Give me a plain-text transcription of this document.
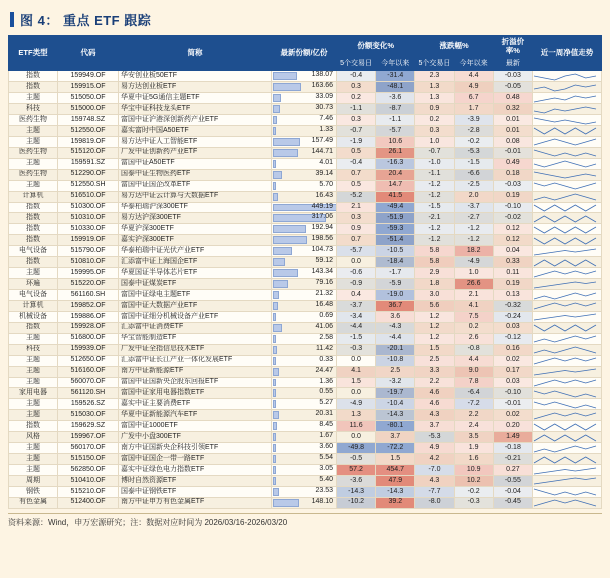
图 4： 重点 ETF 跟踪
ETF类型	代码	简称	最新份额/亿份	份额变化%		涨跌幅%		折溢价率%	近一周净值走势
				5个交易日	今年以来	5个交易日	今年以来	最新	
指数	159949.OF	华安创业板50ETF	138.07	-0.4	-31.4	2.3	4.4	-0.03	

指数	159915.OF	易方达创业板ETF	163.66	0.3	-48.1	1.3	4.9	-0.05	

主题	515050.OF	华夏中证5G通信主题ETF	33.09	0.2	-3.6	1.3	6.7	0.48	

科技	515000.OF	华宝中证科技龙头ETF	30.73	-1.1	-8.7	0.9	1.7	0.32	

医药生物	159748.SZ	富国中证沪港深创新药产业ETF	7.46	0.3	-1.1	0.2	-3.9	0.01	

主题	512550.OF	嘉实富时中国A50ETF	1.33	-0.7	-5.7	0.3	-2.8	0.01	

主题	159819.OF	易方达中证人工智能ETF	157.49	-1.9	10.6	1.0	-0.2	0.08	

医药生物	515120.OF	广发中证创新药产业ETF	144.71	0.5	26.1	-0.7	-5.3	-0.01	

主题	159591.SZ	富国中证A50ETF	4.01	-0.4	-16.3	-1.0	-1.5	0.49	

医药生物	512290.OF	国泰中证生物医药ETF	39.14	0.7	20.4	-1.1	-6.6	0.18	

主题	512550.SH	富国中证国企改革ETF	5.70	0.5	14.7	-1.2	-2.5	-0.03	

计算机	516510.OF	易方达中证云计算与大数据ETF	16.43	-5.2	41.5	-1.2	2.0	0.19	

指数	510300.OF	华泰柏瑞沪深300ETF	449.19	2.1	-49.4	-1.5	-3.7	-0.10	

指数	510310.OF	易方达沪深300ETF	317.06	0.3	-51.9	-2.1	-2.7	-0.02	

指数	510330.OF	华夏沪深300ETF	192.94	0.9	-59.3	-1.2	-1.2	0.12	

指数	159919.OF	嘉实沪深300ETF	198.56	0.7	-51.4	-1.2	-1.2	0.12	

电气设备	515790.OF	华泰柏瑞中证光伏产业ETF	104.73	-5.7	-10.5	5.8	18.2	0.04	

指数	510810.OF	汇添富中证上海国企ETF	59.12	0.0	-18.4	5.8	-4.9	0.33	

主题	159995.OF	华夏国证半导体芯片ETF	143.34	-0.6	-1.7	2.9	1.0	0.11	

环遍	515220.OF	国泰中证煤炭ETF	79.16	-0.9	-5.9	1.8	26.6	0.19	

电气设备	561160.SH	富国中证绿电主题ETF	21.32	0.4	-19.0	3.0	2.1	0.13	

计算机	159852.OF	富国中证大数据产业ETF	16.48	-3.7	36.7	5.6	4.1	-0.32	

机械设备	159886.OF	富国中证细分机械设备产业ETF	0.69	-3.4	3.6	1.2	7.5	-0.24	

指数	159928.OF	汇添富中证消费ETF	41.06	-4.4	-4.3	1.2	0.2	0.03	

主题	516800.OF	华宝智能制造ETF	2.58	-1.5	-4.4	1.2	2.6	-0.12	

科技	159939.OF	广发中证全指信息技术ETF	11.42	-0.3	-20.1	1.5	-0.8	0.16	

主题	512650.OF	汇添富中证长江产业一体化发展ETF	0.33	0.0	-10.8	2.5	4.4	0.02	

主题	516160.OF	南方中证新能源ETF	24.47	4.1	2.5	3.3	9.0	0.17	

主题	560070.OF	富国中证国新央企股东回报ETF	1.36	1.5	-3.2	2.2	7.8	0.03	

家用电器	561120.SH	富国中证家用电器指数ETF	0.55	0.0	-19.7	4.6	-6.4	-0.10	

主题	159526.SZ	嘉实中证主要消费ETF	5.27	-4.9	-10.4	4.6	-7.2	-0.01	

主题	515030.OF	华夏中证新能源汽车ETF	20.31	1.3	-14.3	4.3	2.2	0.02	

指数	159629.SZ	富国中证1000ETF	8.45	11.6	-80.1	3.7	2.4	0.20	

风格	159967.OF	广发中小盘300ETF	1.67	0.0	3.7	-5.3	3.5	1.49	

主题	560170.OF	南方中证国新央企科技引领ETF	3.60	-49.8	-72.2	4.9	1.9	-0.18	

主题	515150.OF	富国中证国企一带一路ETF	5.54	-0.5	1.5	4.2	1.6	-0.21	

主题	562850.OF	嘉实中证绿色电力指数ETF	3.05	57.2	454.7	-7.0	10.9	0.27	

周期	510410.OF	博时自然资源ETF	5.40	-3.6	47.9	4.3	10.2	-0.55	

钢铁	515210.OF	国泰中证钢铁ETF	23.53	-14.3	-14.3	-7.7	-0.2	-0.04	

有色金属	512400.OF	南方中证申万有色金属ETF	148.10	-10.2	39.2	-8.0	-0.3	-0.45	
资料来源：Wind，申万宏源研究；注：数据对应时间为 2026/03/16-2026/03/20
